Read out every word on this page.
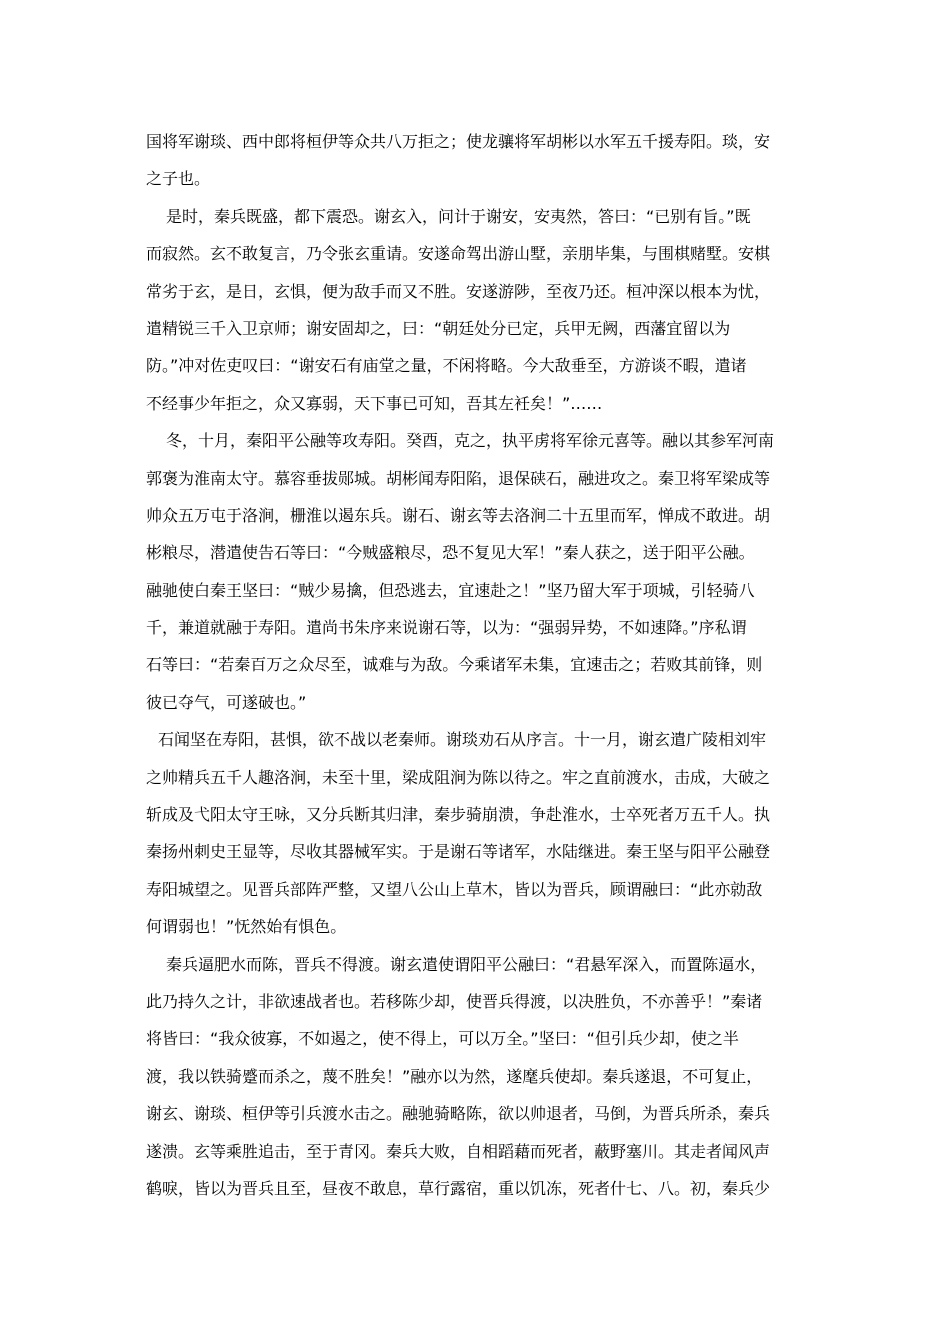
国将军谢琰、西中郎将桓伊等众共八万拒之；使龙骧将军胡彬以水军五千援寿阳。琰，安
之子也。
是时，秦兵既盛，都下震恐。谢玄入，问计于谢安，安夷然，答曰：“已别有旨。”既
而寂然。玄不敢复言，乃令张玄重请。安遂命驾出游山墅，亲朋毕集，与围棋赌墅。安棋
常劣于玄，是日，玄惧，便为敌手而又不胜。安遂游陟，至夜乃还。桓冲深以根本为忧，
遣精锐三千入卫京师；谢安固却之，曰：“朝廷处分已定，兵甲无阙，西藩宜留以为
防。”冲对佐吏叹曰：“谢安石有庙堂之量，不闲将略。今大敌垂至，方游谈不暇，遣诸
不经事少年拒之，众又寡弱，天下事已可知，吾其左衽矣！”……
冬，十月，秦阳平公融等攻寿阳。癸酉，克之，执平虏将军徐元喜等。融以其参军河南
郭褒为淮南太守。慕容垂拔郧城。胡彬闻寿阳陷，退保硖石，融进攻之。秦卫将军梁成等
帅众五万屯于洛涧，栅淮以遏东兵。谢石、谢玄等去洛涧二十五里而军，惮成不敢进。胡
彬粮尽，潜遣使告石等曰：“今贼盛粮尽，恐不复见大军！”秦人获之，送于阳平公融。
融驰使白秦王坚曰：“贼少易擒，但恐逃去，宜速赴之！”坚乃留大军于项城，引轻骑八
千，兼道就融于寿阳。遣尚书朱序来说谢石等，以为：“强弱异势，不如速降。”序私谓
石等曰：“若秦百万之众尽至，诚难与为敌。今乘诸军未集，宜速击之；若败其前锋，则
彼已夺气，可遂破也。”
石闻坚在寿阳，甚惧，欲不战以老秦师。谢琰劝石从序言。十一月，谢玄遣广陵相刘牢
之帅精兵五千人趣洛涧，未至十里，梁成阻涧为陈以待之。牢之直前渡水，击成，大破之
斩成及弋阳太守王咏，又分兵断其归津，秦步骑崩溃，争赴淮水，士卒死者万五千人。执
秦扬州刺史王显等，尽收其器械军实。于是谢石等诸军，水陆继进。秦王坚与阳平公融登
寿阳城望之。见晋兵部阵严整，又望八公山上草木，皆以为晋兵，顾谓融曰：“此亦勍敌
何谓弱也！”怃然始有惧色。
秦兵逼肥水而陈，晋兵不得渡。谢玄遣使谓阳平公融曰：“君悬军深入，而置陈逼水，
此乃持久之计，非欲速战者也。若移陈少却，使晋兵得渡，以决胜负，不亦善乎！”秦诸
将皆曰：“我众彼寡，不如遏之，使不得上，可以万全。”坚曰：“但引兵少却，使之半
渡，我以铁骑蹙而杀之，蔑不胜矣！”融亦以为然，遂麾兵使却。秦兵遂退，不可复止，
谢玄、谢琰、桓伊等引兵渡水击之。融驰骑略陈，欲以帅退者，马倒，为晋兵所杀，秦兵
遂溃。玄等乘胜追击，至于青冈。秦兵大败，自相蹈藉而死者，蔽野塞川。其走者闻风声
鹤唳，皆以为晋兵且至，昼夜不敢息，草行露宿，重以饥冻，死者什七、八。初，秦兵少
